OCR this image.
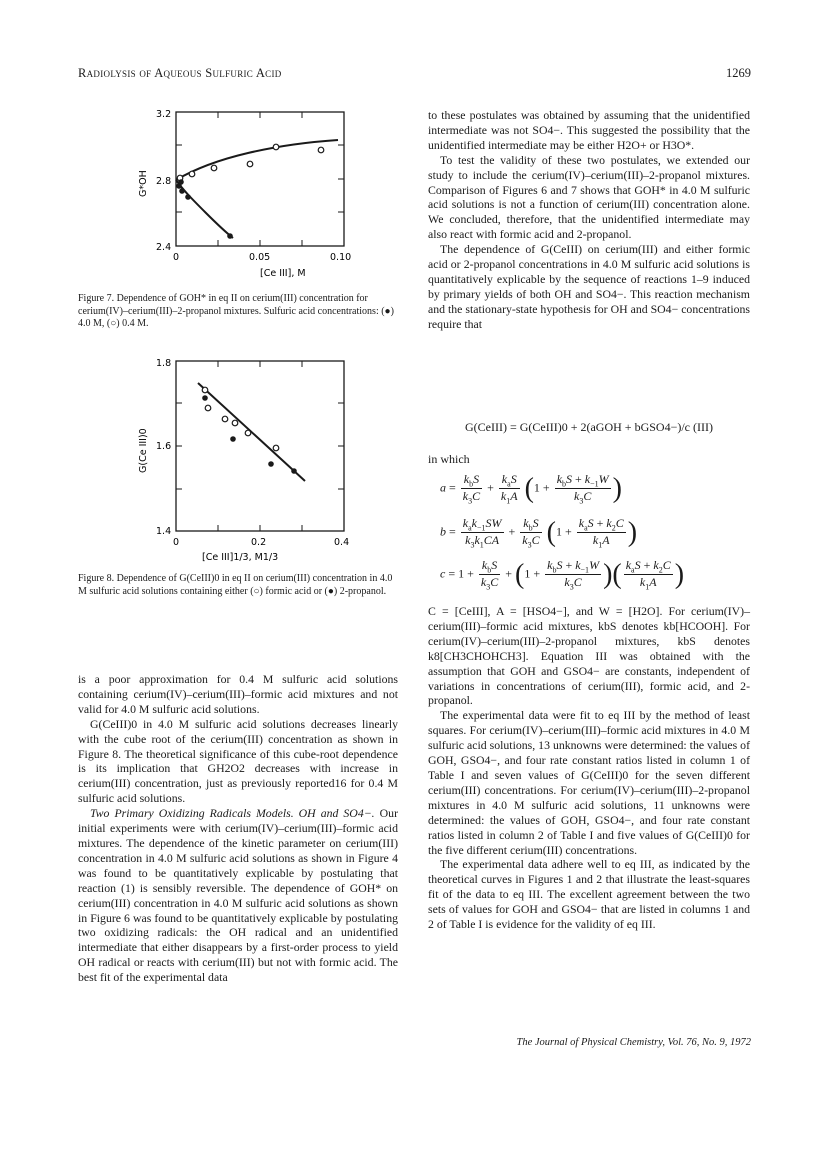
Radiolysis of Aqueous Sulfuric Acid	1269
3.2
2.8
2.4
0	0.05	0.10
[Ce III], M
G*OH
Figure 7. Dependence of GOH* in eq II on cerium(III) concentration for cerium(IV)–cerium(III)–2-propanol mixtures. Sulfuric acid concentrations: (●) 4.0 M, (○) 0.4 M.
1.8
1.6
1.4
0	0.2	0.4
[Ce III]1/3, M1/3
G(Ce III)0
Figure 8. Dependence of G(CeIII)0 in eq II on cerium(III) concentration in 4.0 M sulfuric acid solutions containing either (○) formic acid or (●) 2-propanol.

is a poor approximation for 0.4 M sulfuric acid solutions containing cerium(IV)–cerium(III)–formic acid mixtures and not valid for 4.0 M sulfuric acid solutions.

G(CeIII)0 in 4.0 M sulfuric acid solutions decreases linearly with the cube root of the cerium(III) concentration as shown in Figure 8. The theoretical significance of this cube-root dependence is its implication that GH2O2 decreases with increase in cerium(III) concentration, just as previously reported16 for 0.4 M sulfuric acid solutions.

Two Primary Oxidizing Radicals Models. OH and SO4−. Our initial experiments were with cerium(IV)–cerium(III)–formic acid mixtures. The dependence of the kinetic parameter on cerium(III) concentration in 4.0 M sulfuric acid solutions as shown in Figure 4 was found to be quantitatively explicable by postulating that reaction (1) is sensibly reversible. The dependence of GOH* on cerium(III) concentration in 4.0 M sulfuric acid solutions as shown in Figure 6 was found to be quantitatively explicable by postulating two oxidizing radicals: the OH radical and an unidentified intermediate that either disappears by a first-order process to yield OH radical or reacts with cerium(III) but not with formic acid. The best fit of the experimental data

to these postulates was obtained by assuming that the unidentified intermediate was not SO4−. This suggested the possibility that the unidentified intermediate may be either H2O+ or H3O*.

To test the validity of these two postulates, we extended our study to include the cerium(IV)–cerium(III)–2-propanol mixtures. Comparison of Figures 6 and 7 shows that GOH* in 4.0 M sulfuric acid solutions is not a function of cerium(III) concentration alone. We concluded, therefore, that the unidentified intermediate may also react with formic acid and 2-propanol.

The dependence of G(CeIII) on cerium(III) and either formic acid or 2-propanol concentrations in 4.0 M sulfuric acid solutions is quantitatively explicable by the sequence of reactions 1–9 induced by primary yields of both OH and SO4−. This reaction mechanism and the stationary-state hypothesis for OH and SO4− concentrations require that

G(CeIII) = G(CeIII)0 + 2(aGOH + bGSO4−)/c (III)
in which
$a = \frac{k_bS}{k_3C} + \frac{k_aS}{k_1A} (1 + \frac{k_bS + k_{-1}W}{k_3C}$ )
$b = \frac{k_ak_{-1}SW}{k_3k_1CA} + \frac{k_bS}{k_3C} (1 + \frac{k_aS + k_2C}{k_1A}$ )
$c = 1 + \frac{k_bS}{k_3C} + (1 + \frac{k_bS + k_{-1}W}{k_3C}$ )( $\frac{k_aS + k_2C}{k_1A}$ )

C = [CeIII], A = [HSO4−], and W = [H2O]. For cerium(IV)–cerium(III)–formic acid mixtures, kbS denotes kb[HCOOH]. For cerium(IV)–cerium(III)–2-propanol mixtures, kbS denotes k8[CH3CHOHCH3]. Equation III was obtained with the assumption that GOH and GSO4− are constants, independent of variations in concentrations of cerium(III), formic acid, and 2-propanol.

The experimental data were fit to eq III by the method of least squares. For cerium(IV)–cerium(III)–formic acid mixtures in 4.0 M sulfuric acid solutions, 13 unknowns were determined: the values of GOH, GSO4−, and four rate constant ratios listed in column 1 of Table I and seven values of G(CeIII)0 for the seven different cerium(III) concentrations. For cerium(IV)–cerium(III)–2-propanol mixtures in 4.0 M sulfuric acid solutions, 11 unknowns were determined: the values of GOH, GSO4−, and four rate constant ratios listed in column 2 of Table I and five values of G(CeIII)0 for the five different cerium(III) concentrations.

The experimental data adhere well to eq III, as indicated by the theoretical curves in Figures 1 and 2 that illustrate the least-squares fit of the data to eq III. The excellent agreement between the two sets of values for GOH and GSO4− that are listed in columns 1 and 2 of Table I is evidence for the validity of eq III.

The Journal of Physical Chemistry, Vol. 76, No. 9, 1972
